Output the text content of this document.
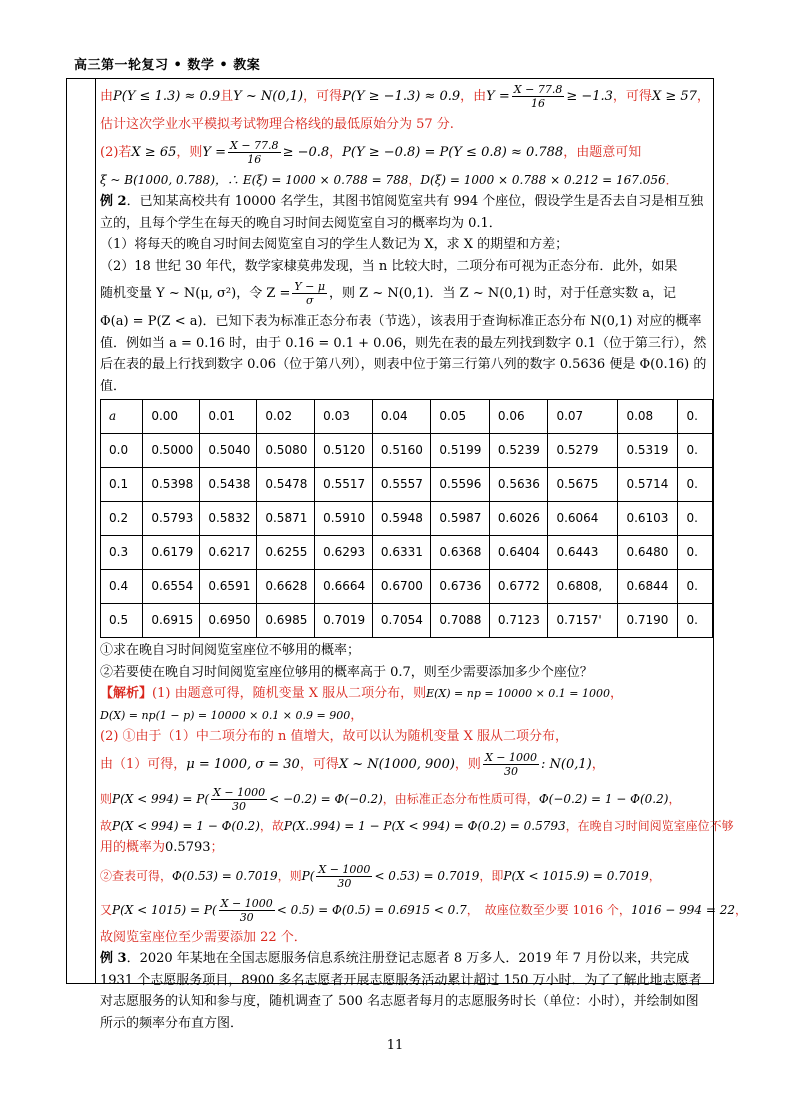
高三第一轮复习 • 数学 • 教案
由P(Y ≤ 1.3) ≈ 0.9且Y ~ N(0,1)，可得P(Y ≥ −1.3) ≈ 0.9，由$Y = \frac{X - 77.8}{16} \ge -1.3$，可得X ≥ 57，
估计这次学业水平模拟考试物理合格线的最低原始分为 57 分.
(2)若X ≥ 65，则$Y = \frac{X - 77.8}{16} \ge -0.8$，P(Y ≥ −0.8) = P(Y ≤ 0.8) ≈ 0.788，由题意可知
ξ ~ B(1000, 0.788)，∴ E(ξ) = 1000 × 0.788 = 788，D(ξ) = 1000 × 0.788 × 0.212 = 167.056．
例 2．已知某高校共有 10000 名学生，其图书馆阅览室共有 994 个座位，假设学生是否去自习是相互独立的，且每个学生在每天的晚自习时间去阅览室自习的概率均为 0.1．
（1）将每天的晚自习时间去阅览室自习的学生人数记为 X，求 X 的期望和方差；
（2）18 世纪 30 年代，数学家棣莫弗发现，当 n 比较大时，二项分布可视为正态分布．此外，如果
随机变量 Y ~ N(μ, σ²)，令 $Z = \frac{Y - \mu}{\sigma}$ ，则 Z ~ N(0,1)．当 Z ~ N(0,1) 时，对于任意实数 a，记
Φ(a) = P(Z < a)．已知下表为标准正态分布表（节选），该表用于查询标准正态分布 N(0,1) 对应的概率值．例如当 a = 0.16 时，由于 0.16 = 0.1 + 0.06，则先在表的最左列找到数字 0.1（位于第三行），然后在表的最上行找到数字 0.06（位于第八列），则表中位于第三行第八列的数字 0.5636 便是 Φ(0.16) 的值．
a	0.00	0.01	0.02	0.03	0.04	0.05	0.06	0.07	0.08	0.
0.0	0.5000	0.5040	0.5080	0.5120	0.5160	0.5199	0.5239	0.5279	0.5319	0.
0.1	0.5398	0.5438	0.5478	0.5517	0.5557	0.5596	0.5636	0.5675	0.5714	0.
0.2	0.5793	0.5832	0.5871	0.5910	0.5948	0.5987	0.6026	0.6064	0.6103	0.
0.3	0.6179	0.6217	0.6255	0.6293	0.6331	0.6368	0.6404	0.6443	0.6480	0.
0.4	0.6554	0.6591	0.6628	0.6664	0.6700	0.6736	0.6772	0.6808,	0.6844	0.
0.5	0.6915	0.6950	0.6985	0.7019	0.7054	0.7088	0.7123	0.7157'	0.7190	0.
①求在晚自习时间阅览室座位不够用的概率；
②若要使在晚自习时间阅览室座位够用的概率高于 0.7，则至少需要添加多少个座位？
【解析】(1) 由题意可得，随机变量 X 服从二项分布，则E(X) = np = 10000 × 0.1 = 1000，
D(X) = np(1 − p) = 10000 × 0.1 × 0.9 = 900，
(2) ①由于（1）中二项分布的 n 值增大，故可以认为随机变量 X 服从二项分布，
由（1）可得，μ = 1000, σ = 30，可得X ~ N(1000, 900)，则 $\frac{X - 1000}{30}$ : N(0,1)，
则$P(X < 994) = P( \frac{X - 1000}{30} < -0.2) = \Phi(-0.2)$，由标准正态分布性质可得，Φ(−0.2) = 1 − Φ(0.2)，
故P(X < 994) = 1 − Φ(0.2)，故P(X..994) = 1 − P(X < 994) = Φ(0.2) = 0.5793，在晚自习时间阅览室座位不够
用的概率为0.5793；
②查表可得，Φ(0.53) = 0.7019，则$P( \frac{X - 1000}{30} < 0.53) = 0.7019$，即P(X < 1015.9) = 0.7019，
又$P(X < 1015) = P( \frac{X - 1000}{30} < 0.5) = \Phi(0.5) = 0.6915 < 0.7$，　故座位数至少要 1016 个，1016 − 994 = 22，
故阅览室座位至少需要添加 22 个．
例 3．2020 年某地在全国志愿服务信息系统注册登记志愿者 8 万多人．2019 年 7 月份以来，共完成 1931 个志愿服务项目，8900 多名志愿者开展志愿服务活动累计超过 150 万小时．为了了解此地志愿者对志愿服务的认知和参与度，随机调查了 500 名志愿者每月的志愿服务时长（单位：小时），并绘制如图所示的频率分布直方图．
11
